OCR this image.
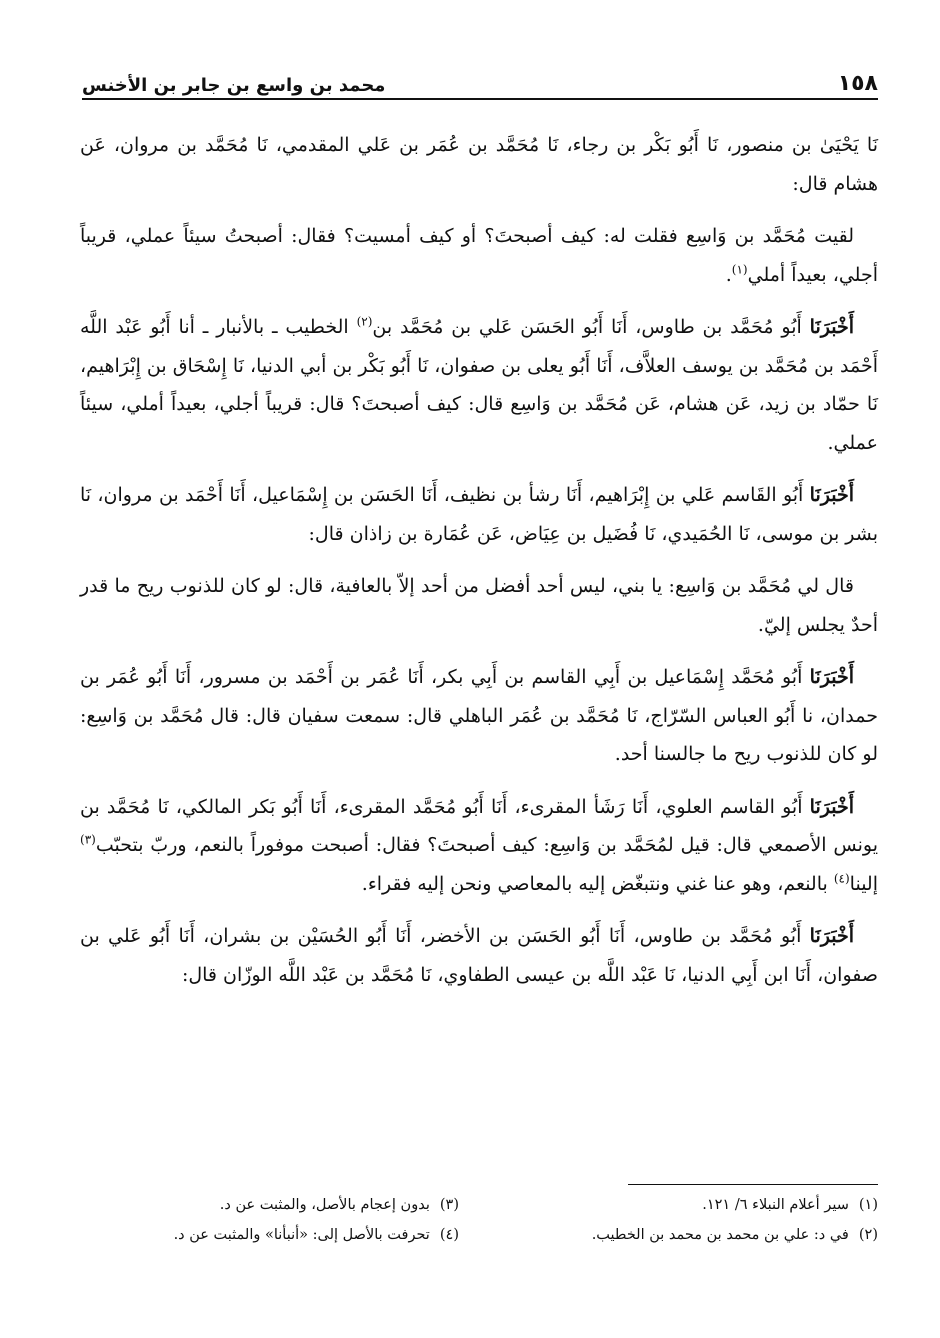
١٥٨
محمد بن واسع بن جابر بن الأخنس

نَا يَحْيَىٰ بن منصور، نَا أَبُو بَكْر بن رجاء، نَا مُحَمَّد بن عُمَر بن عَلي المقدمي، نَا مُحَمَّد بن مروان، عَن هشام قال:

لقيت مُحَمَّد بن وَاسِع فقلت له: كيف أصبحتَ؟ أو كيف أمسيت؟ فقال: أصبحتُ سيئاً عملي، قريباً أجلي، بعيداً أملي$^{(١)}$.

أَخْبَرَنَا أَبُو مُحَمَّد بن طاوس، أَنَا أَبُو الحَسَن عَلي بن مُحَمَّد بن$^{(٢)}$ الخطيب ـ بالأنبار ـ أنا أَبُو عَبْد اللَّه أَحْمَد بن مُحَمَّد بن يوسف العلاَّف، أَنَا أَبُو يعلى بن صفوان، نَا أَبُو بَكْر بن أبي الدنيا، نَا إِسْحَاق بن إِبْرَاهيم، نَا حمّاد بن زيد، عَن هشام، عَن مُحَمَّد بن وَاسِع قال: كيف أصبحتَ؟ قال: قريباً أجلي، بعيداً أملي، سيئاً عملي.

أَخْبَرَنَا أَبُو القَاسم عَلي بن إِبْرَاهيم، أَنَا رشأ بن نظيف، أَنَا الحَسَن بن إِسْمَاعيل، أَنَا أَحْمَد بن مروان، نَا بشر بن موسى، نَا الحُمَيدي، نَا فُضَيل بن عِيَاض، عَن عُمَارة بن زاذان قال:

قال لي مُحَمَّد بن وَاسِع: يا بني، ليس أحد أفضل من أحد إلاّ بالعافية، قال: لو كان للذنوب ريح ما قدر أحدٌ يجلس إليّ.

أَخْبَرَنَا أَبُو مُحَمَّد إِسْمَاعيل بن أَبِي القاسم بن أَبِي بكر، أَنَا عُمَر بن أَحْمَد بن مسرور، أَنَا أَبُو عُمَر بن حمدان، نا أَبُو العباس السّرّاج، نَا مُحَمَّد بن عُمَر الباهلي قال: سمعت سفيان قال: قال مُحَمَّد بن وَاسِع: لو كان للذنوب ريح ما جالسنا أحد.

أَخْبَرَنَا أَبُو القاسم العلوي، أَنَا رَشَأ المقرىء، أَنَا أَبُو مُحَمَّد المقرىء، أَنَا أَبُو بَكر المالكي، نَا مُحَمَّد بن يونس الأصمعي قال: قيل لمُحَمَّد بن وَاسِع: كيف أصبحتَ؟ فقال: أصبحت موفوراً بالنعم، وربّ بتحبّب$^{(٣)}$ إلينا$^{(٤)}$ بالنعم، وهو عنا غني ونتبغّض إليه بالمعاصي ونحن إليه فقراء.

أَخْبَرَنَا أَبُو مُحَمَّد بن طاوس، أَنَا أَبُو الحَسَن بن الأخضر، أَنَا أَبُو الحُسَيْن بن بشران، أَنَا أَبُو عَلي بن صفوان، أَنَا ابن أَبِي الدنيا، نَا عَبْد اللَّه بن عيسى الطفاوي، نَا مُحَمَّد بن عَبْد اللَّه الوزّان قال:

(١)سير أعلام النبلاء ٦/ ١٢١.
(٣)بدون إعجام بالأصل، والمثبت عن د.
(٢)في د: علي بن محمد بن محمد بن الخطيب.
(٤)تحرفت بالأصل إلى: «أنبأنا» والمثبت عن د.
